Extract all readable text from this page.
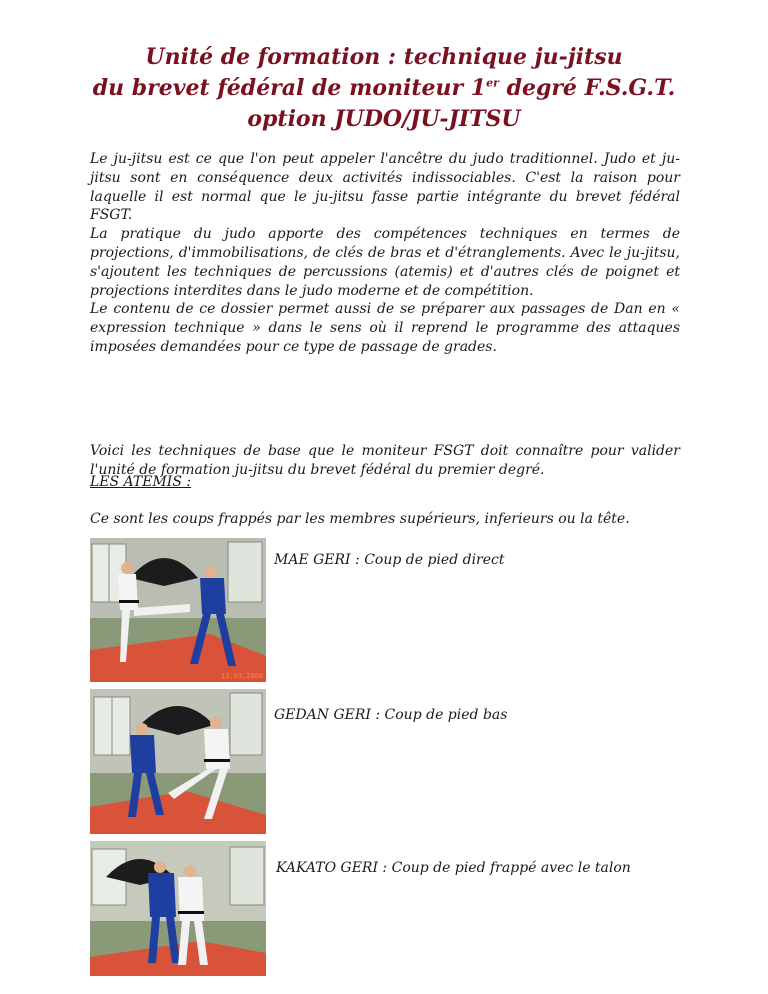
Unité de formation : technique ju-jitsu
du brevet fédéral de moniteur 1er degré F.S.G.T.
option JUDO/JU-JITSU

Le ju-jitsu est ce que l'on peut appeler l'ancêtre du judo traditionnel. Judo et ju-jitsu sont en conséquence deux activités indissociables. C'est la raison pour laquelle il est normal que le ju-jitsu fasse partie intégrante du brevet fédéral FSGT.

La pratique du judo apporte des compétences techniques en termes de projections, d'immobilisations, de clés de bras et d'étranglements. Avec le ju-jitsu, s'ajoutent les techniques de percussions (atemis) et d'autres clés de poignet et projections interdites dans le judo moderne et de compétition.

Le contenu de ce dossier permet aussi de se préparer aux passages de Dan en « expression technique » dans le sens où il reprend le programme des attaques imposées demandées pour ce type de passage de grades.

Voici les techniques de base que le moniteur FSGT doit connaître pour valider l'unité de formation ju-jitsu du brevet fédéral du premier degré.

LES ATEMIS :
Ce sont les coups frappés par les membres supérieurs, inferieurs ou la tête.
13.03.2008
MAE GERI : Coup de pied direct
GEDAN GERI : Coup de pied bas
KAKATO GERI : Coup de pied frappé avec le talon
